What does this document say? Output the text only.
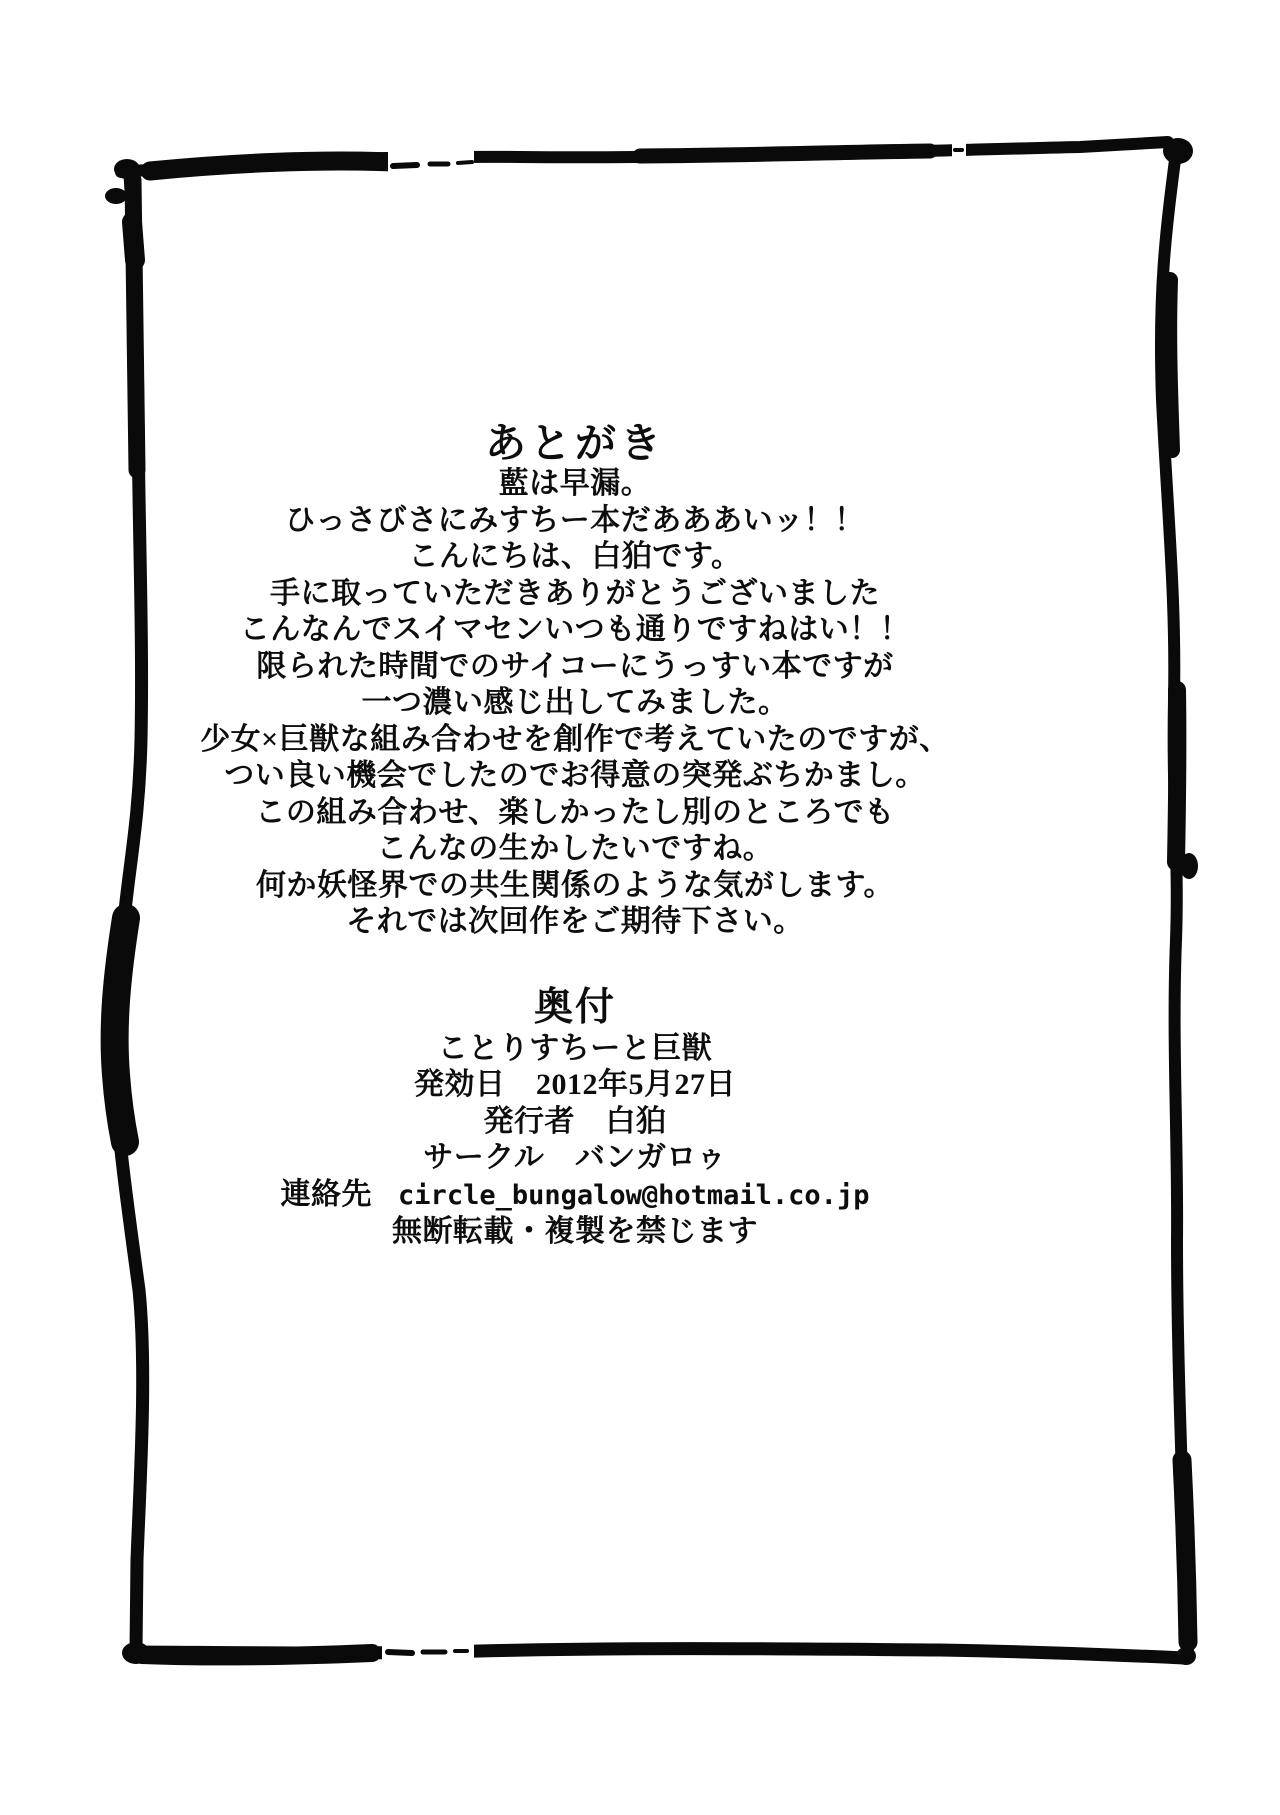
あとがき
藍は早漏。
ひっさびさにみすちー本だあああいッ！！
こんにちは、白狛です。
手に取っていただきありがとうございました
こんなんでスイマセンいつも通りですねはい！！
限られた時間でのサイコーにうっすい本ですが
一つ濃い感じ出してみました。
少女×巨獣な組み合わせを創作で考えていたのですが、
つい良い機会でしたのでお得意の突発ぶちかまし。
この組み合わせ、楽しかったし別のところでも
こんなの生かしたいですね。
何か妖怪界での共生関係のような気がします。
それでは次回作をご期待下さい。
奥付
ことりすちーと巨獣
発効日　2012年5月27日
発行者　白狛
サークル　バンガロゥ
連絡先 circle_bungalow@hotmail.co.jp
無断転載・複製を禁じます
